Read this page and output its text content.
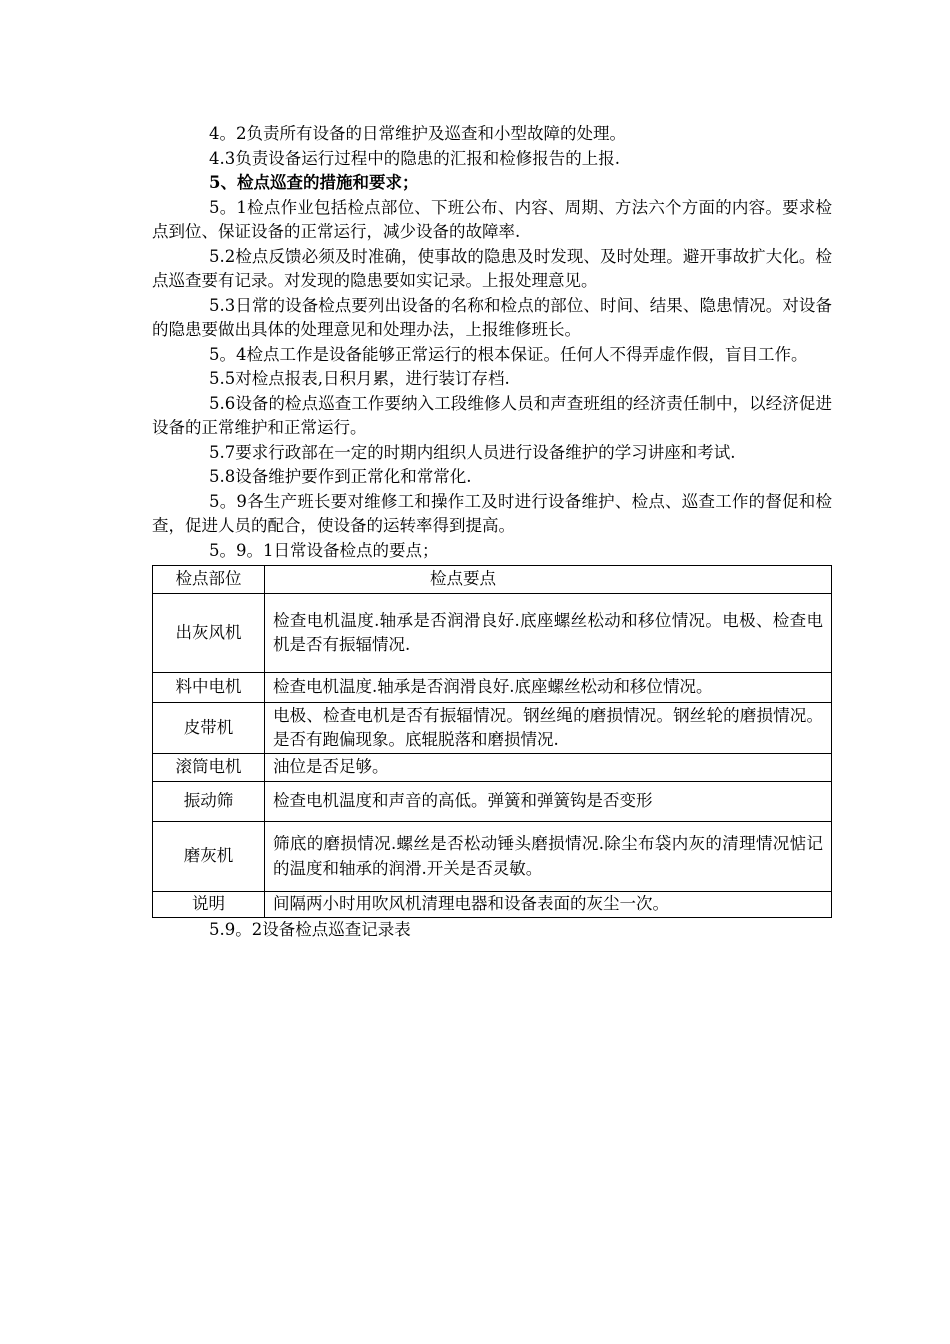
4。2负责所有设备的日常维护及巡查和小型故障的处理。

4.3负责设备运行过程中的隐患的汇报和检修报告的上报.

5、检点巡查的措施和要求；

5。1检点作业包括检点部位、下班公布、内容、周期、方法六个方面的内容。要求检点到位、保证设备的正常运行，减少设备的故障率.

5.2检点反馈必须及时准确，使事故的隐患及时发现、及时处理。避开事故扩大化。检点巡查要有记录。对发现的隐患要如实记录。上报处理意见。

5.3日常的设备检点要列出设备的名称和检点的部位、时间、结果、隐患情况。对设备的隐患要做出具体的处理意见和处理办法，上报维修班长。

5。4检点工作是设备能够正常运行的根本保证。任何人不得弄虚作假，盲目工作。

5.5对检点报表,日积月累，进行装订存档.

5.6设备的检点巡查工作要纳入工段维修人员和声查班组的经济责任制中，以经济促进设备的正常维护和正常运行。

5.7要求行政部在一定的时期内组织人员进行设备维护的学习讲座和考试.

5.8设备维护要作到正常化和常常化.

5。9各生产班长要对维修工和操作工及时进行设备维护、检点、巡查工作的督促和检查，促进人员的配合，使设备的运转率得到提高。

5。9。1日常设备检点的要点；

检点部位	检点要点
出灰风机	检查电机温度.轴承是否润滑良好.底座螺丝松动和移位情况。电极、检查电机是否有振辐情况.
料中电机	检查电机温度.轴承是否润滑良好.底座螺丝松动和移位情况。
皮带机	电极、检查电机是否有振辐情况。钢丝绳的磨损情况。钢丝轮的磨损情况。是否有跑偏现象。底辊脱落和磨损情况.
滚筒电机	油位是否足够。
振动筛	检查电机温度和声音的高低。弹簧和弹簧钩是否变形
磨灰机	筛底的磨损情况.螺丝是否松动锤头磨损情况.除尘布袋内灰的清理情况惦记的温度和轴承的润滑.开关是否灵敏。
说明	间隔两小时用吹风机清理电器和设备表面的灰尘一次。

5.9。2设备检点巡查记录表
